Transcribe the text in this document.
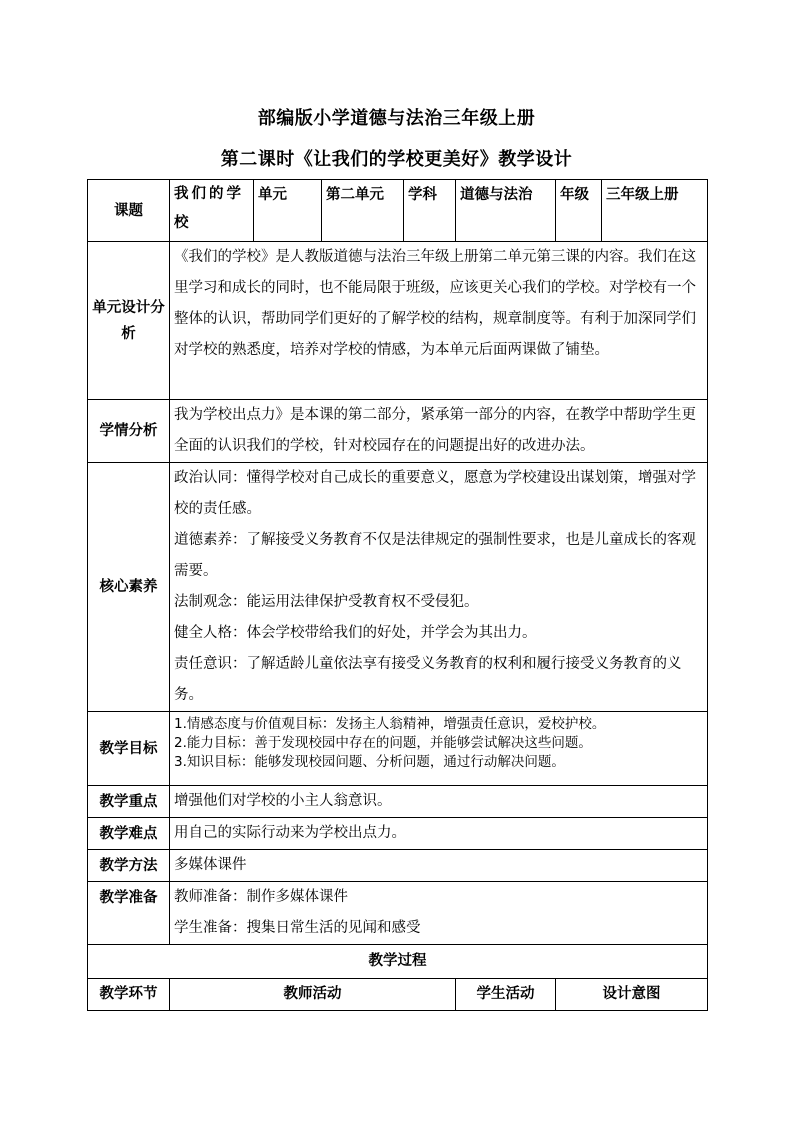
部编版小学道德与法治三年级上册
第二课时《让我们的学校更美好》教学设计
课题	我们的学校	单元	第二单元	学科	道德与法治	年级	三年级上册
单元设计分析	《我们的学校》是人教版道德与法治三年级上册第二单元第三课的内容。我们在这里学习和成长的同时，也不能局限于班级，应该更关心我们的学校。对学校有一个整体的认识，帮助同学们更好的了解学校的结构，规章制度等。有利于加深同学们对学校的熟悉度，培养对学校的情感，为本单元后面两课做了铺垫。						
学情分析	我为学校出点力》是本课的第二部分，紧承第一部分的内容，在教学中帮助学生更全面的认识我们的学校，针对校园存在的问题提出好的改进办法。						
核心素养	政治认同：懂得学校对自己成长的重要意义，愿意为学校建设出谋划策，增强对学校的责任感。

道德素养：了解接受义务教育不仅是法律规定的强制性要求，也是儿童成长的客观需要。

法制观念：能运用法律保护受教育权不受侵犯。

健全人格：体会学校带给我们的好处，并学会为其出力。

责任意识：了解适龄儿童依法享有接受义务教育的权利和履行接受义务教育的义务。						

教学目标	1.情感态度与价值观目标：发扬主人翁精神，增强责任意识，爱校护校。
2.能力目标：善于发现校园中存在的问题，并能够尝试解决这些问题。
3.知识目标：能够发现校园问题、分析问题，通过行动解决问题。						

教学重点	增强他们对学校的小主人翁意识。						
教学难点	用自己的实际行动来为学校出点力。						
教学方法	多媒体课件						
教学准备	教师准备：制作多媒体课件

学生准备：搜集日常生活的见闻和感受						

教学过程							
教学环节	教师活动				学生活动	设计意图	
